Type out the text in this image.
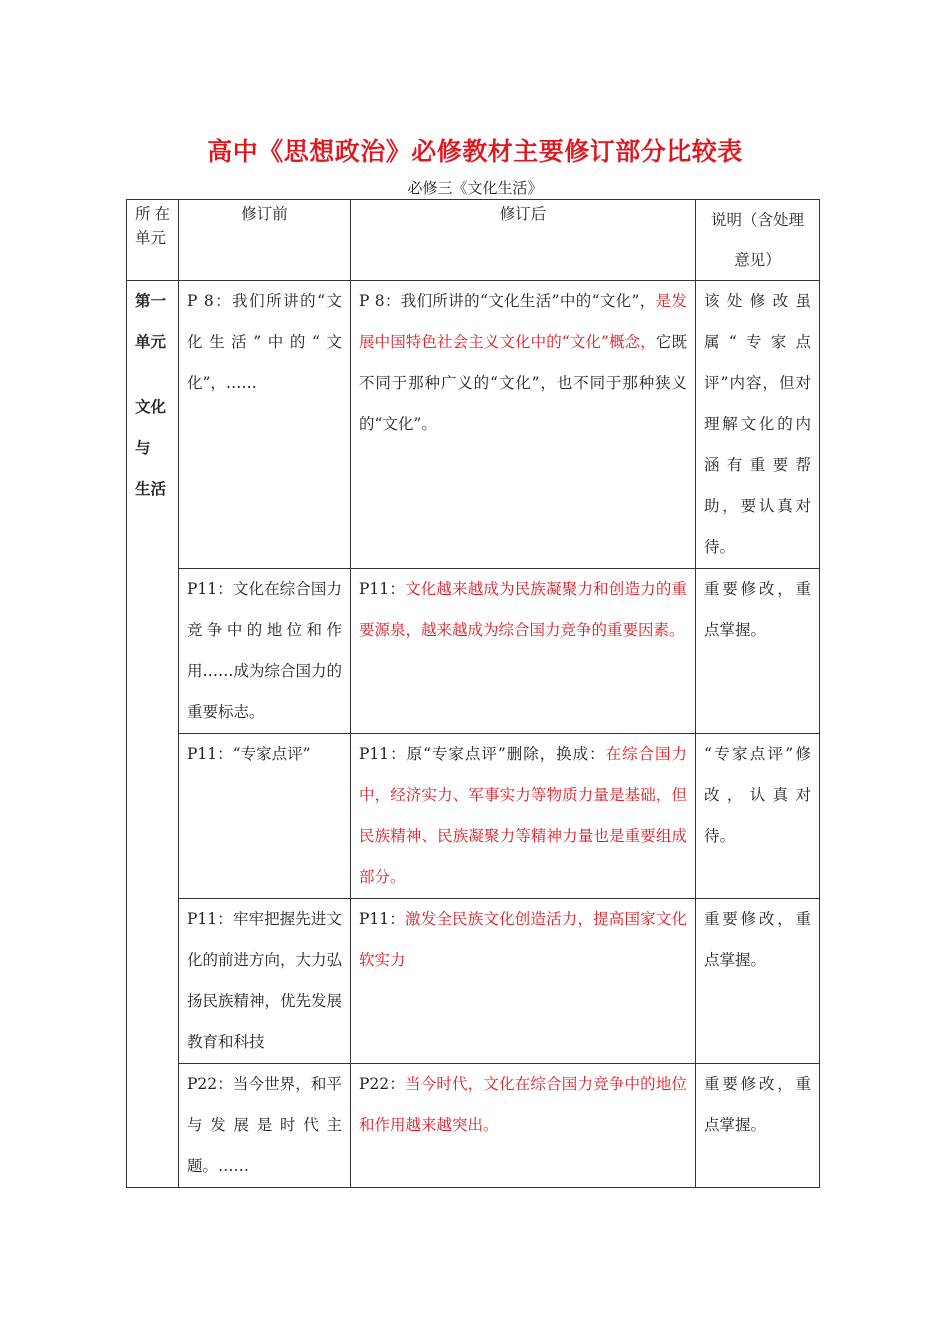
高中《思想政治》必修教材主要修订部分比较表
必修三《文化生活》
所在单元	修订前	修订后	说明（含处理意见）

第一
单元
文化
与
生活	P 8：我们所讲的“文化生活”中的“文化”，……	P 8：我们所讲的“文化生活”中的“文化”，是发展中国特色社会主义文化中的“文化”概念，它既不同于那种广义的“文化”，也不同于那种狭义的“文化”。	该处修改虽属“专家点评”内容，但对理解文化的内涵有重要帮助，要认真对待。
	P11：文化在综合国力竞争中的地位和作用……成为综合国力的重要标志。	P11：文化越来越成为民族凝聚力和创造力的重要源泉，越来越成为综合国力竞争的重要因素。	重要修改，重点掌握。
	P11：“专家点评”	P11：原“专家点评”删除，换成：在综合国力中，经济实力、军事实力等物质力量是基础，但民族精神、民族凝聚力等精神力量也是重要组成部分。	“专家点评”修改，认真对待。
	P11：牢牢把握先进文化的前进方向，大力弘扬民族精神，优先发展教育和科技	P11：激发全民族文化创造活力，提高国家文化软实力	重要修改，重点掌握。
	P22：当今世界，和平与发展是时代主题。……	P22：当今时代，文化在综合国力竞争中的地位和作用越来越突出。	重要修改，重点掌握。
